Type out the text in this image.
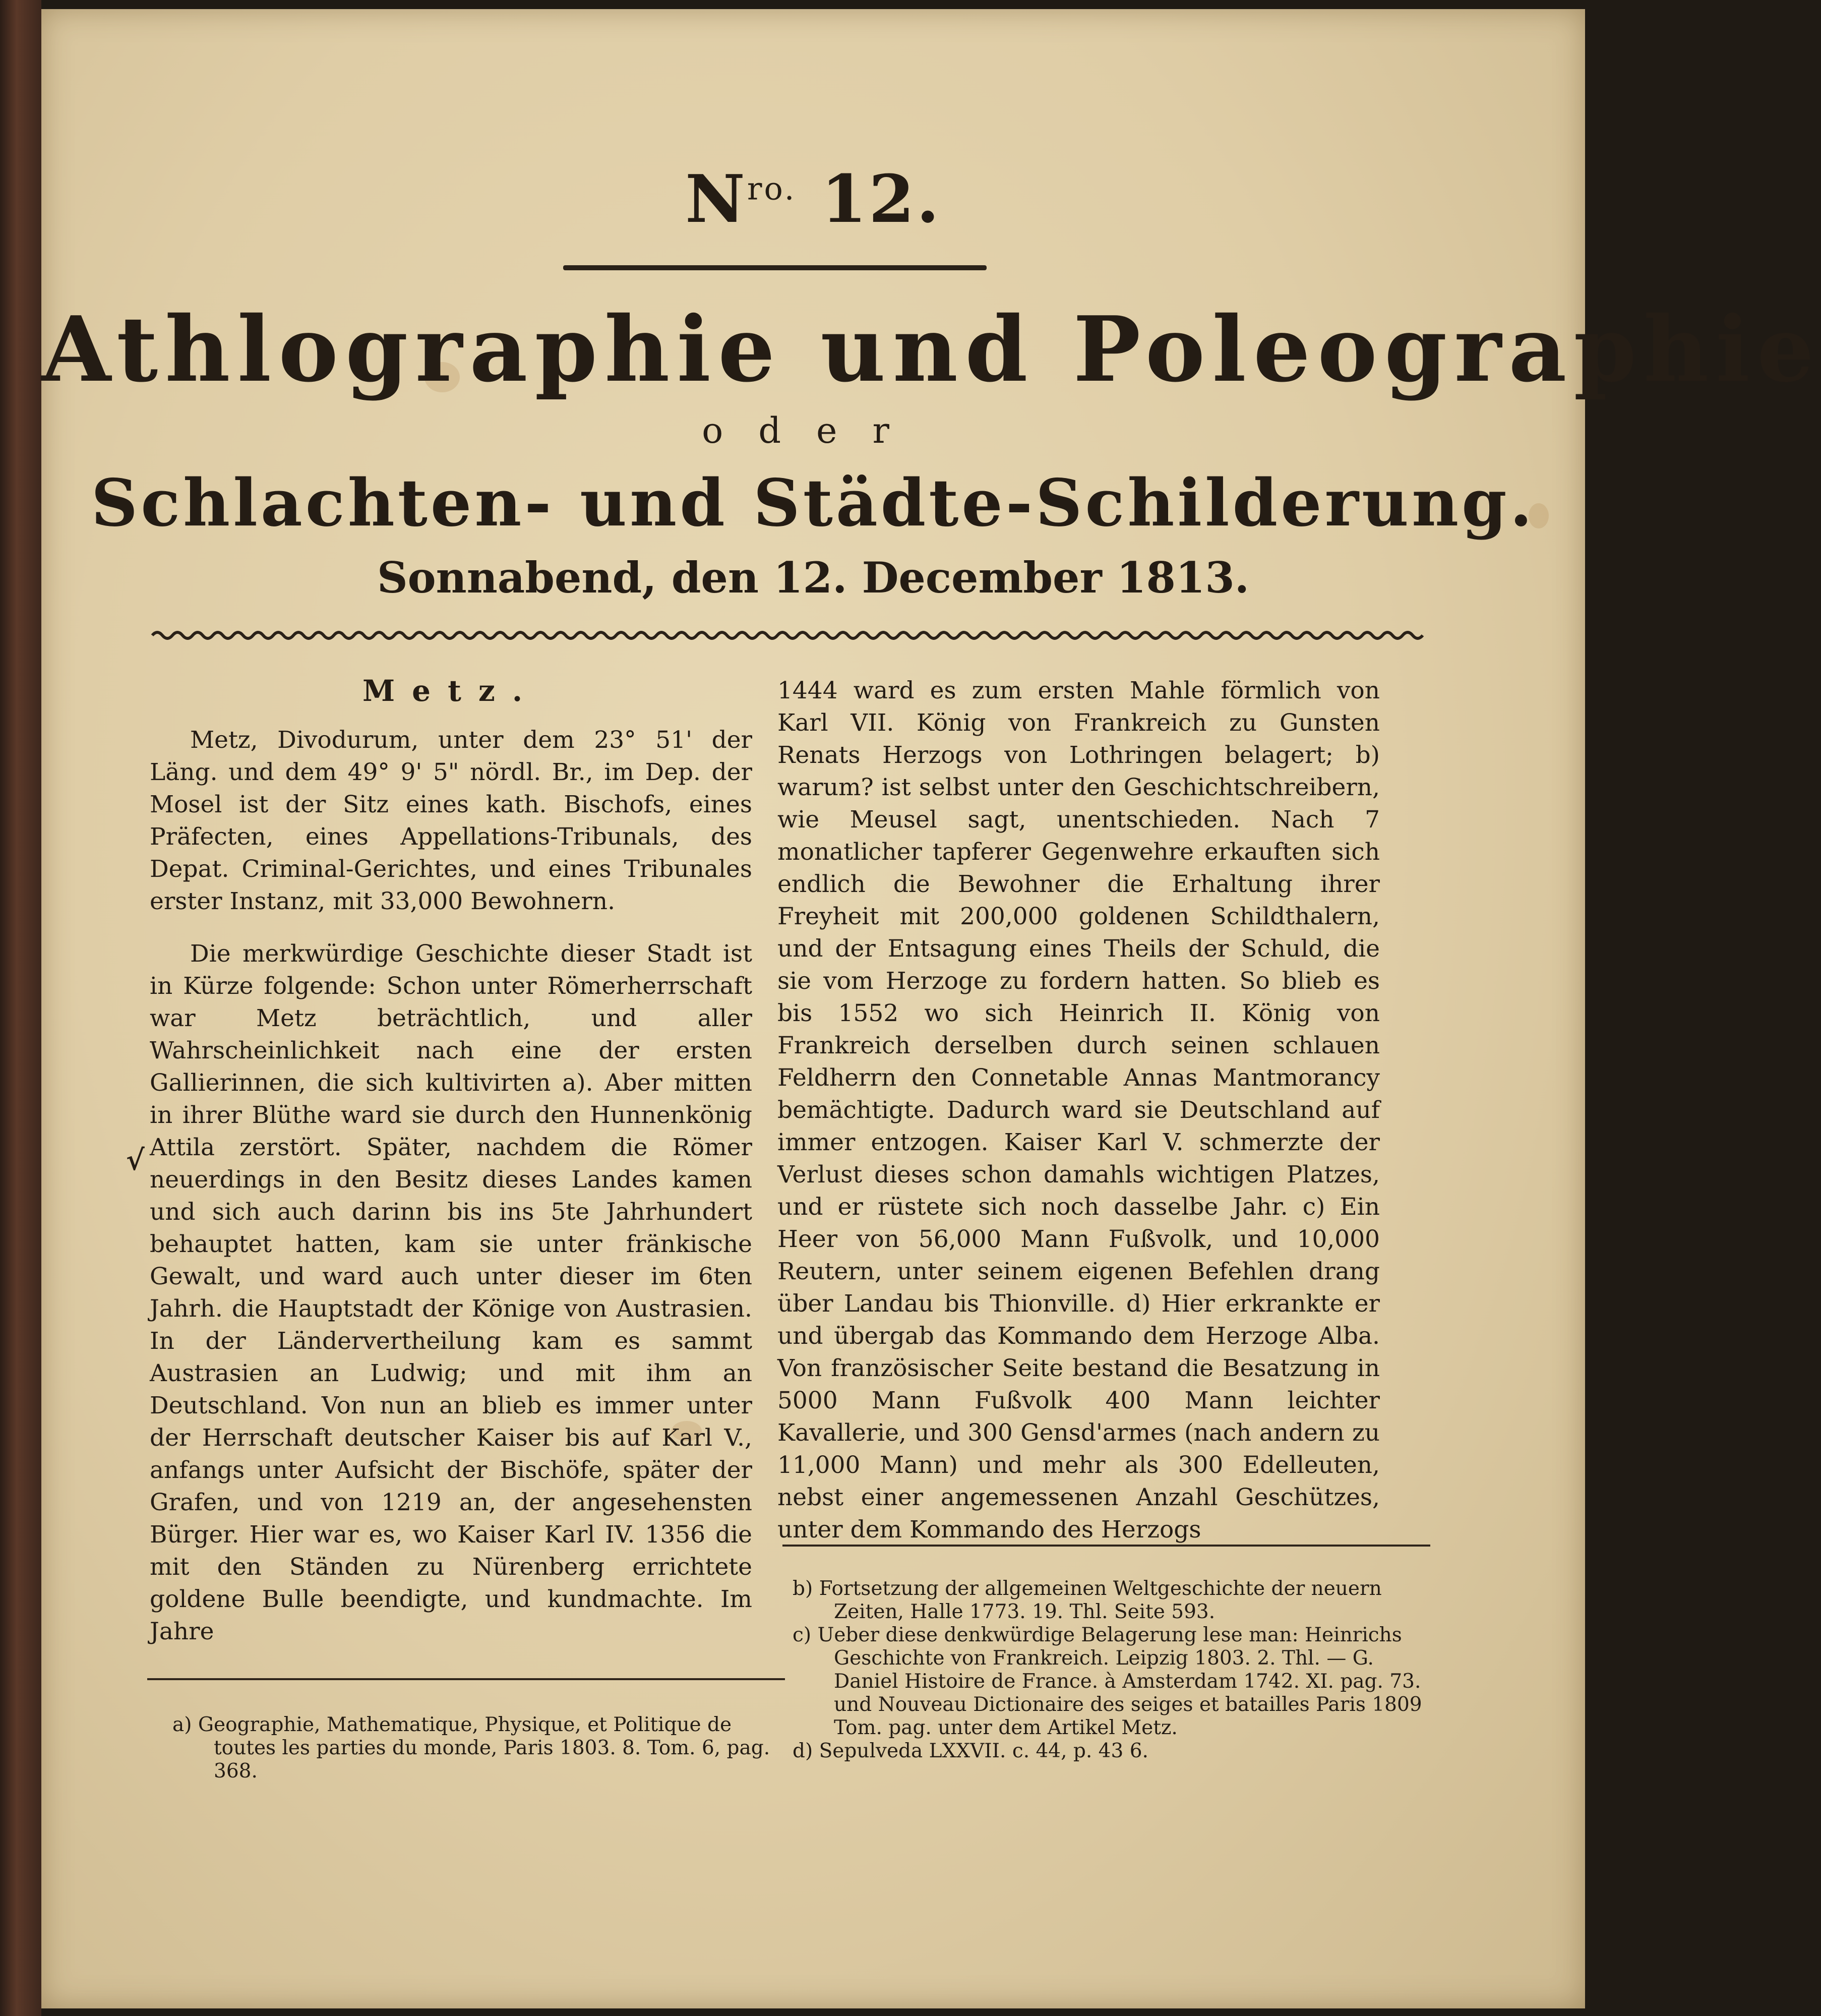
$N^{ro.}$ 12.
Athlographie und Poleographie
oder
Schlachten- und Städte-Schilderung.
Sonnabend, den 12. December 1813.
Metz.

Metz, Divodurum, unter dem 23° 51' der Läng. und dem 49° 9' 5" nördl. Br., im Dep. der Mosel ist der Sitz eines kath. Bischofs, eines Präfecten, eines Appellations-Tribunals, des Depat. Criminal-Gerichtes, und eines Tribunales erster Instanz, mit 33,000 Bewohnern.

Die merkwürdige Geschichte dieser Stadt ist in Kürze folgende: Schon unter Römerherrschaft war Metz beträchtlich, und aller Wahrscheinlichkeit nach eine der ersten Gallierinnen, die sich kultivirten a). Aber mitten in ihrer Blüthe ward sie durch den Hunnenkönig Attila zerstört. Später, nachdem die Römer neuerdings in den Besitz dieses Landes kamen und sich auch darinn bis ins 5te Jahrhundert behauptet hatten, kam sie unter fränkische Gewalt, und ward auch unter dieser im 6ten Jahrh. die Hauptstadt der Könige von Austrasien. In der Ländervertheilung kam es sammt Austrasien an Ludwig; und mit ihm an Deutschland. Von nun an blieb es immer unter der Herrschaft deutscher Kaiser bis auf Karl V., anfangs unter Aufsicht der Bischöfe, später der Grafen, und von 1219 an, der angesehensten Bürger. Hier war es, wo Kaiser Karl IV. 1356 die mit den Ständen zu Nürenberg errichtete goldene Bulle beendigte, und kundmachte. Im Jahre

√

1444 ward es zum ersten Mahle förmlich von Karl VII. König von Frankreich zu Gunsten Renats Herzogs von Lothringen belagert; b) warum? ist selbst unter den Geschichtschreibern, wie Meusel sagt, unentschieden. Nach 7 monatlicher tapferer Gegenwehre erkauften sich endlich die Bewohner die Erhaltung ihrer Freyheit mit 200,000 goldenen Schildthalern, und der Entsagung eines Theils der Schuld, die sie vom Herzoge zu fordern hatten. So blieb es bis 1552 wo sich Heinrich II. König von Frankreich derselben durch seinen schlauen Feldherrn den Connetable Annas Mantmorancy bemächtigte. Dadurch ward sie Deutschland auf immer entzogen. Kaiser Karl V. schmerzte der Verlust dieses schon damahls wichtigen Platzes, und er rüstete sich noch dasselbe Jahr. c) Ein Heer von 56,000 Mann Fußvolk, und 10,000 Reutern, unter seinem eigenen Befehlen drang über Landau bis Thionville. d) Hier erkrankte er und übergab das Kommando dem Herzoge Alba. Von französischer Seite bestand die Besatzung in 5000 Mann Fußvolk 400 Mann leichter Kavallerie, und 300 Gensd'armes (nach andern zu 11,000 Mann) und mehr als 300 Edelleuten, nebst einer angemessenen Anzahl Geschützes, unter dem Kommando des Herzogs

a) Geographie, Mathematique, Physique, et Politique de toutes les parties du monde, Paris 1803. 8. Tom. 6, pag. 368.

b) Fortsetzung der allgemeinen Weltgeschichte der neuern Zeiten, Halle 1773. 19. Thl. Seite 593.

c) Ueber diese denkwürdige Belagerung lese man: Heinrichs Geschichte von Frankreich. Leipzig 1803. 2. Thl. — G. Daniel Histoire de France. à Amsterdam 1742. XI. pag. 73. und Nouveau Dictionaire des seiges et batailles Paris 1809 Tom. pag. unter dem Artikel Metz.

d) Sepulveda LXXVII. c. 44, p. 43 6.
